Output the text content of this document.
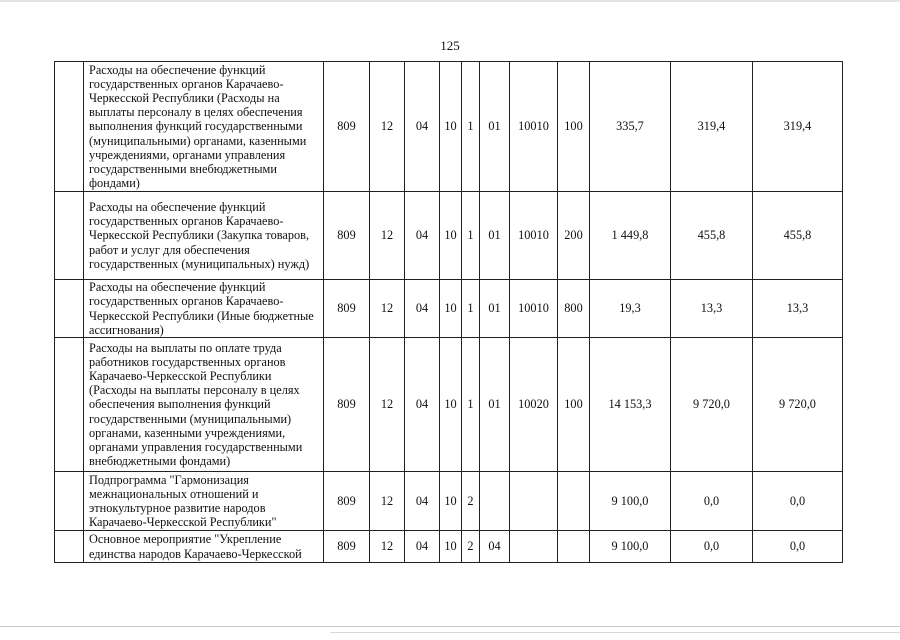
125
	Расходы на обеспечение функций государственных органов Карачаево-Черкесской Республики (Расходы на выплаты персоналу в целях обеспечения выполнения функций государственными (муниципальными) органами, казенными учреждениями, органами управления государственными внебюджетными фондами)	809	12	04	10	1	01	10010	100	335,7	319,4	319,4
	Расходы на обеспечение функций государственных органов Карачаево-Черкесской Республики (Закупка товаров, работ и услуг для обеспечения государственных (муниципальных) нужд)	809	12	04	10	1	01	10010	200	1 449,8	455,8	455,8
	Расходы на обеспечение функций государственных органов Карачаево-Черкесской Республики (Иные бюджетные ассигнования)	809	12	04	10	1	01	10010	800	19,3	13,3	13,3
	Расходы на выплаты по оплате труда работников государственных органов Карачаево-Черкесской Республики (Расходы на выплаты персоналу в целях обеспечения выполнения функций государственными (муниципальными) органами, казенными учреждениями, органами управления государственными внебюджетными фондами)	809	12	04	10	1	01	10020	100	14 153,3	9 720,0	9 720,0
	Подпрограмма "Гармонизация межнациональных отношений и этнокультурное развитие народов Карачаево-Черкесской Республики"	809	12	04	10	2				9 100,0	0,0	0,0
	Основное мероприятие "Укрепление единства народов Карачаево-Черкесской	809	12	04	10	2	04			9 100,0	0,0	0,0
